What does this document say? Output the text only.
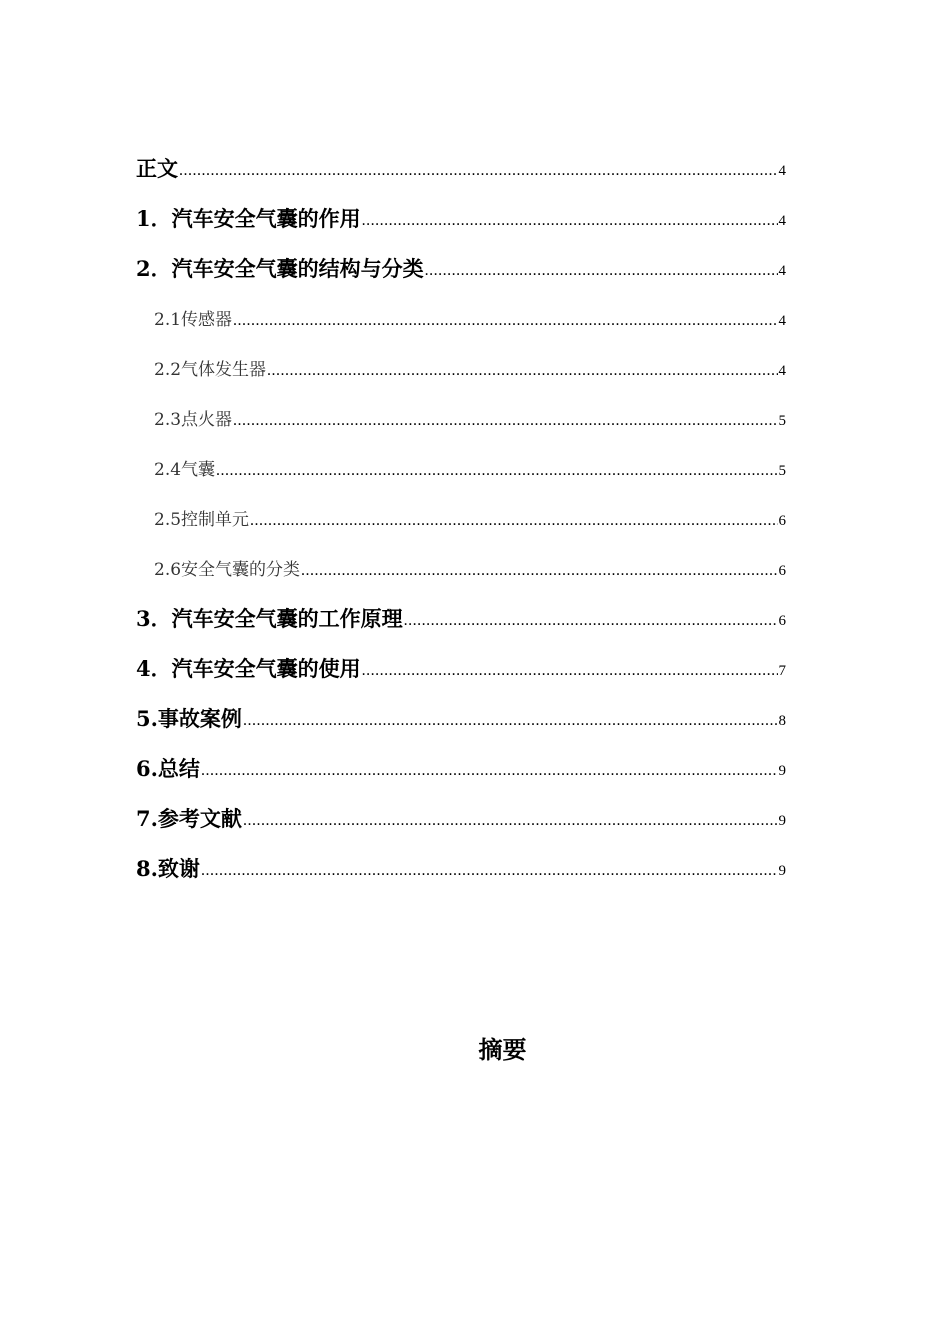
正文 .....	4
1．汽车安全气囊的作用 .....	4
2．汽车安全气囊的结构与分类 .....	4
2.1传感器 .....	4
2.2气体发生器 .....	4
2.3点火器 .....	5
2.4气囊 .....	5
2.5控制单元 .....	6
2.6安全气囊的分类 .....	6
3．汽车安全气囊的工作原理 .....	6
4．汽车安全气囊的使用 .....	7
5.事故案例 .....	8
6.总结 .....	9
7.参考文献 .....	9
8.致谢 .....	9
摘要
